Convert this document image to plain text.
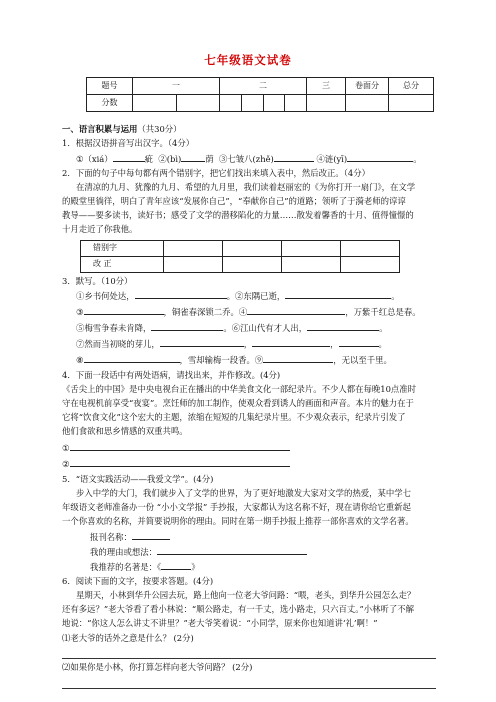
七年级语文试卷
题号	一		二				三	卷面分	总分
分数									
一、语言积累与运用（共30分）
1．根据汉语拼音写出汉字。（4分）
①（xiá）	疵 ②(bì)	荫 ③七皱八(zhě)	④涟(yī)	。
2．下面的句子中每句都有两个错别字，把它们找出来填入表中，然后改正。（4分）
在清凉的九月、犹豫的九月、希望的九月里，我们读着赵丽宏的《为你打开一扇门》，在文学
的殿堂里徜徉，明白了青年应该“发展你自己”，“奉献你自己”的道路；领听了于漪老师的谆谆
教导——要多读书，读好书；感受了文学的潜移陷化的力量……散发着馨香的十月、值得憧憬的
十月走近了你我他。
错别字				
改 正				
3．默写。（10分）
①乡书何处达，	。②东隅已逝，	。
③	，铜雀春深锁二乔。④	，万紫千红总是春。
⑤梅雪争春未肯降，	。⑥江山代有才人出，	。
⑦然而当初晓的芽儿，	，	，	。
⑧	，雪却输梅一段香。⑨	，无以至千里。
4．下面一段话中有两处语病，请找出来，并作修改。(4分)
《舌尖上的中国》是中央电视台正在播出的中华美食文化一部纪录片。不少人都在每晚10点准时
守在电视机前享受“夜宴”。烹饪师的加工制作，使观众看到诱人的画面和声音。本片的魅力在于
它将“饮食文化”这个宏大的主题，浓缩在短短的几集纪录片里。不少观众表示，纪录片引发了
他们食欲和思乡情感的双重共鸣。
①
②
5．“语文实践活动——我爱文学”。(4分)
步入中学的大门，我们就步入了文学的世界，为了更好地激发大家对文学的热爱，某中学七
年级语文老师准备办一份 “小小文学报” 手抄报，大家都认为这名称不好，现在请你给它重新起
一个你喜欢的名称，并简要说明你的理由。同时在第一期手抄报上推荐一部你喜欢的文学名著。
报刊名称：
我的理由或想法：
我推荐的名著是：《	》
6．阅读下面的文字，按要求答题。(4分)
星期天，小林到华升公园去玩，路上他向一位老大爷问路：“喂，老头，到华升公园怎么走？
还有多远？”老大爷看了看小林说：“顺公路走，有一千丈，选小路走，只六百丈。”小林听了不解
地说：“你这人怎么讲丈不讲里？”老大爷笑着说：“小同学，原来你也知道讲‘礼’啊！”
⑴老大爷的话外之意是什么？ (2分)
⑵如果你是小林，你打算怎样向老大爷问路？ (2分)
